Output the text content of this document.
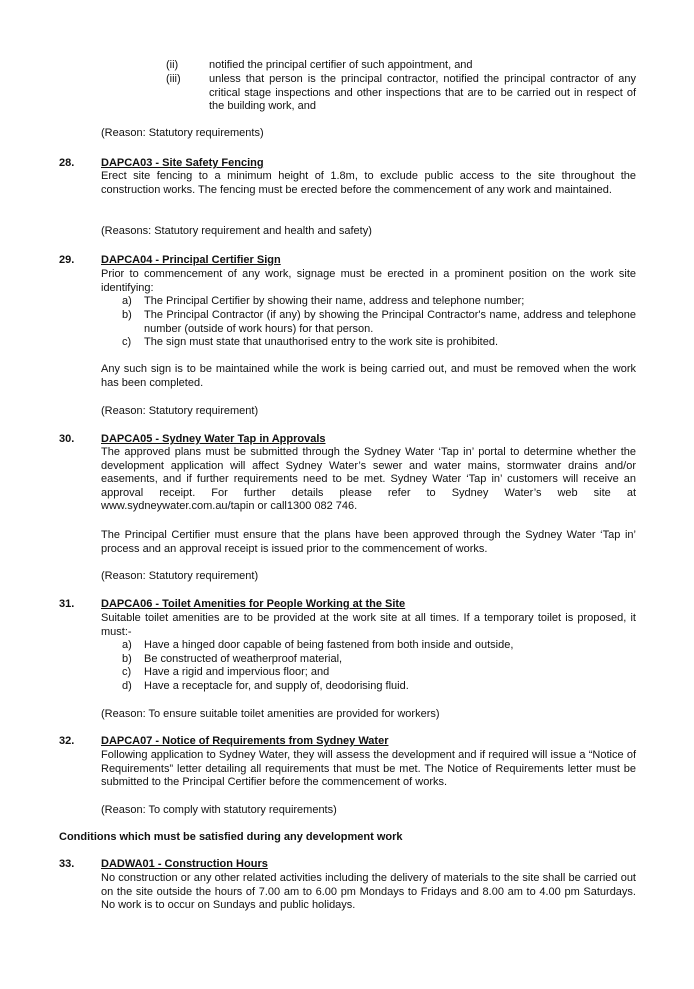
(ii)	notified the principal certifier of such appointment, and
(iii)	unless that person is the principal contractor, notified the principal contractor of any critical stage inspections and other inspections that are to be carried out in respect of the building work, and
(Reason: Statutory requirements)
28. DAPCA03 - Site Safety Fencing
Erect site fencing to a minimum height of 1.8m, to exclude public access to the site throughout the construction works. The fencing must be erected before the commencement of any work and maintained.
(Reasons: Statutory requirement and health and safety)
29. DAPCA04 - Principal Certifier Sign
Prior to commencement of any work, signage must be erected in a prominent position on the work site identifying:
a)	The Principal Certifier by showing their name, address and telephone number;
b)	The Principal Contractor (if any) by showing the Principal Contractor's name, address and telephone number (outside of work hours) for that person.
c)	The sign must state that unauthorised entry to the work site is prohibited.
Any such sign is to be maintained while the work is being carried out, and must be removed when the work has been completed.
(Reason: Statutory requirement)
30. DAPCA05 - Sydney Water Tap in Approvals
The approved plans must be submitted through the Sydney Water ‘Tap in’ portal to determine whether the development application will affect Sydney Water’s sewer and water mains, stormwater drains and/or easements, and if further requirements need to be met. Sydney Water ‘Tap in’ customers will receive an approval receipt. For further details please refer to Sydney Water’s web site at www.sydneywater.com.au/tapin or call1300 082 746.
The Principal Certifier must ensure that the plans have been approved through the Sydney Water ‘Tap in’ process and an approval receipt is issued prior to the commencement of works.
(Reason: Statutory requirement)
31. DAPCA06 - Toilet Amenities for People Working at the Site
Suitable toilet amenities are to be provided at the work site at all times. If a temporary toilet is proposed, it must:-
a)	Have a hinged door capable of being fastened from both inside and outside,
b)	Be constructed of weatherproof material,
c)	Have a rigid and impervious floor; and
d)	Have a receptacle for, and supply of, deodorising fluid.
(Reason: To ensure suitable toilet amenities are provided for workers)
32. DAPCA07 - Notice of Requirements from Sydney Water
Following application to Sydney Water, they will assess the development and if required will issue a “Notice of Requirements” letter detailing all requirements that must be met. The Notice of Requirements letter must be submitted to the Principal Certifier before the commencement of works.
(Reason: To comply with statutory requirements)
Conditions which must be satisfied during any development work
33. DADWA01 - Construction Hours
No construction or any other related activities including the delivery of materials to the site shall be carried out on the site outside the hours of 7.00 am to 6.00 pm Mondays to Fridays and 8.00 am to 4.00 pm Saturdays. No work is to occur on Sundays and public holidays.
